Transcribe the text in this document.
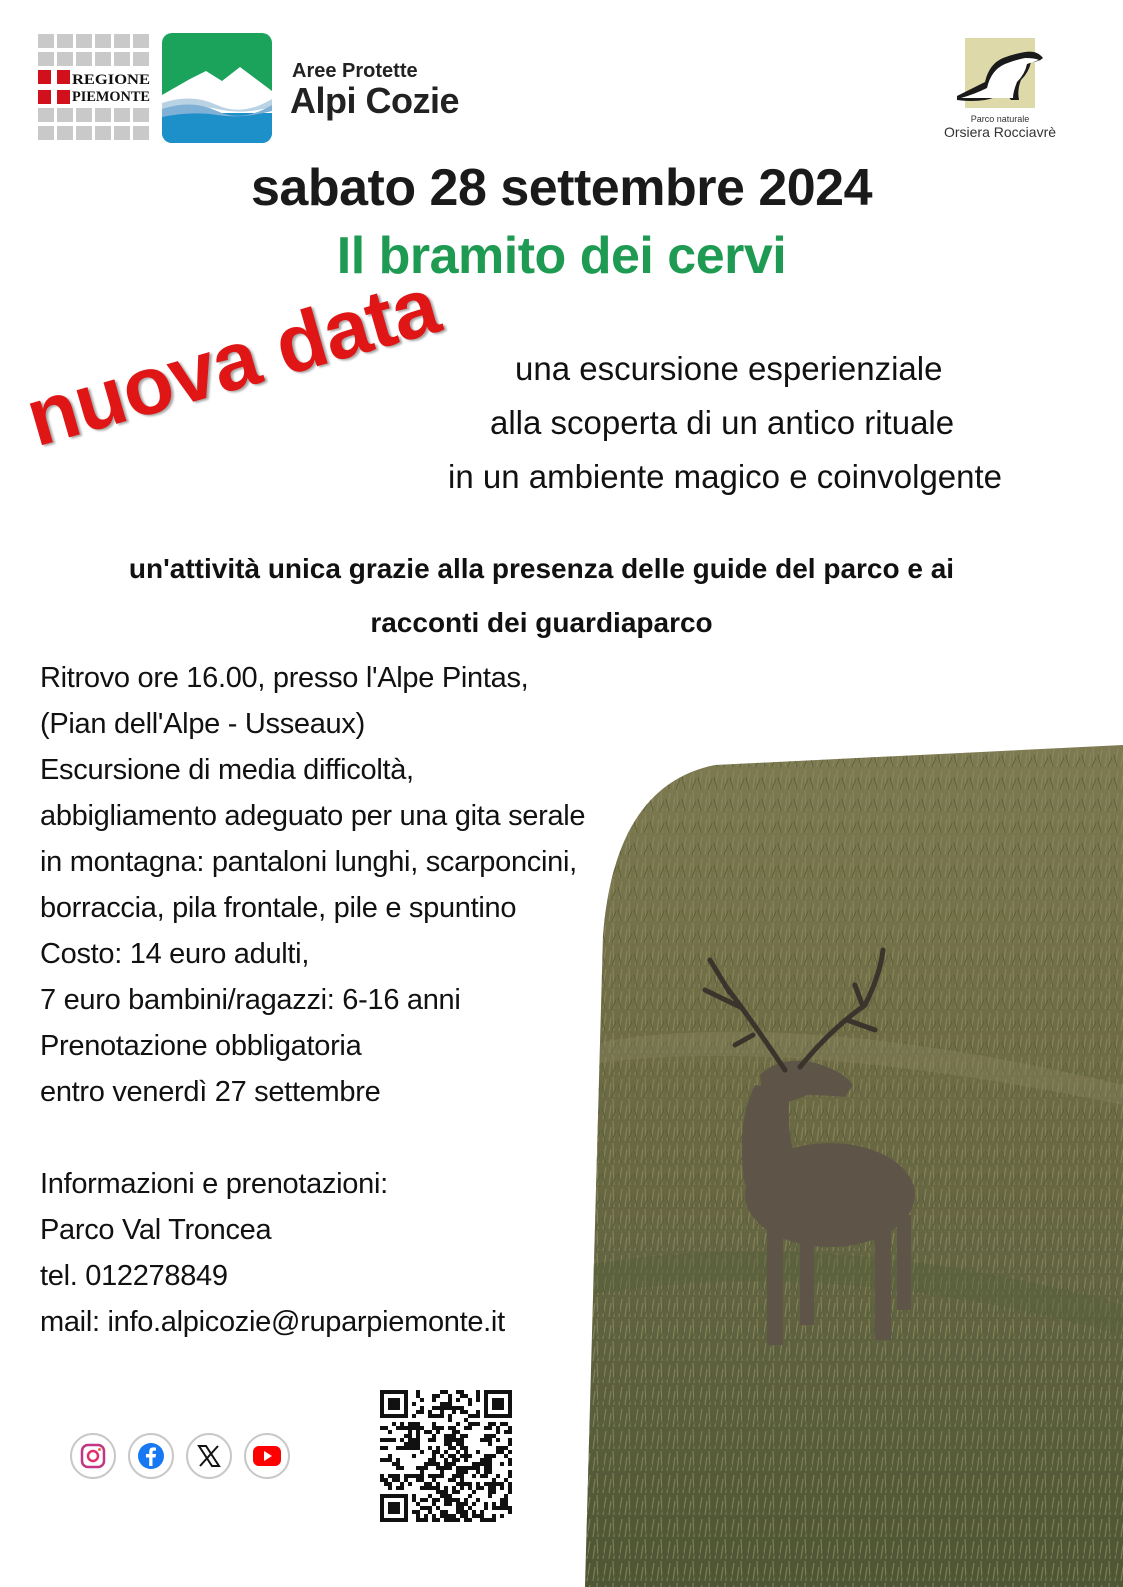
REGIONE
PIEMONTE
Aree Protette
Alpi Cozie	Parco naturale
Orsiera Rocciavrè
sabato 28 settembre 2024
Il bramito dei cervi
nuova data una escursione esperienziale
alla scoperta di un antico rituale
in un ambiente magico e coinvolgente
un'attività unica grazie alla presenza delle guide del parco e ai
racconti dei guardiaparco
Ritrovo ore 16.00, presso l'Alpe Pintas,
(Pian dell'Alpe - Usseaux)
Escursione di media difficoltà,
abbigliamento adeguato per una gita serale
in montagna: pantaloni lunghi, scarponcini,
borraccia, pila frontale, pile e spuntino
Costo: 14 euro adulti,
7 euro bambini/ragazzi: 6-16 anni
Prenotazione obbligatoria
entro venerdì 27 settembre
Informazioni e prenotazioni:
Parco Val Troncea
tel. 012278849
mail: info.alpicozie@ruparpiemonte.it
